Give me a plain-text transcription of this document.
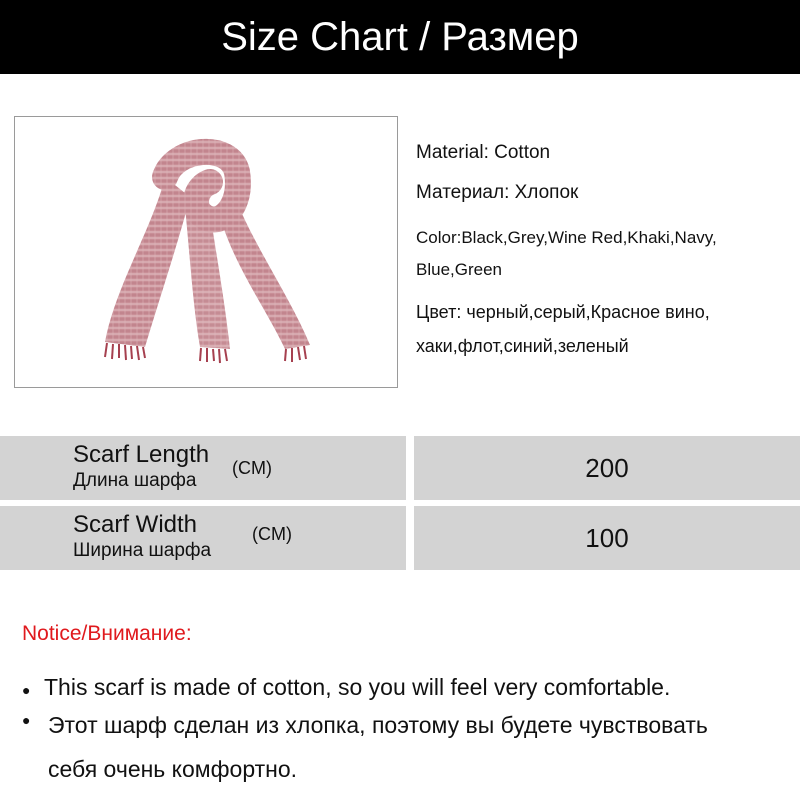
Size Chart / Размер
Material: Cotton
Материал: Хлопок
Color:Black,Grey,Wine Red,Khaki,Navy,
Blue,Green
Цвет: черный,серый,Красное вино,
хаки,флот,синий,зеленый
Scarf Length
Длина шарфа
(CM)	200
Scarf Width
Ширина шарфа
(CM)	100
Notice/Внимание:
● This scarf is made of cotton, so you will feel very comfortable.
● Этот шарф сделан из хлопка, поэтому вы будете чувствовать
себя очень комфортно.
